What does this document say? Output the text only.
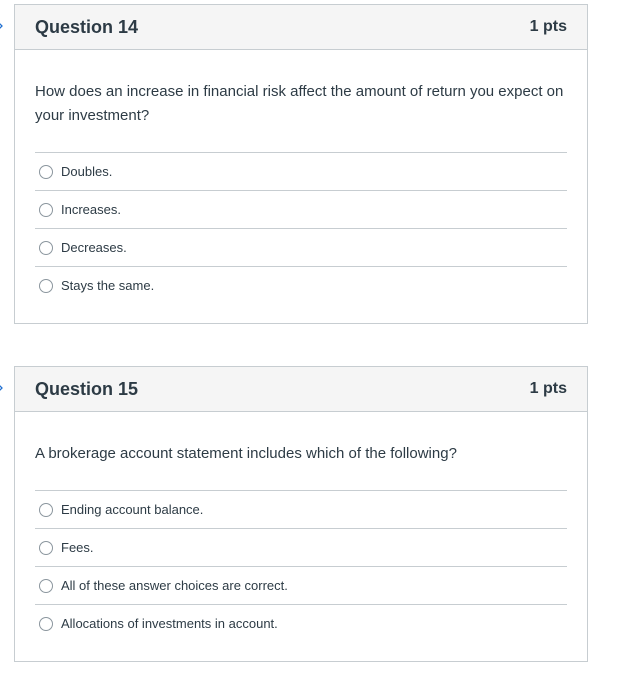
Question 14	1 pts

How does an increase in financial risk affect the amount of return you expect on your investment?

Doubles.
Increases.
Decreases.
Stays the same.
Question 15	1 pts

A brokerage account statement includes which of the following?

Ending account balance.
Fees.
All of these answer choices are correct.
Allocations of investments in account.
